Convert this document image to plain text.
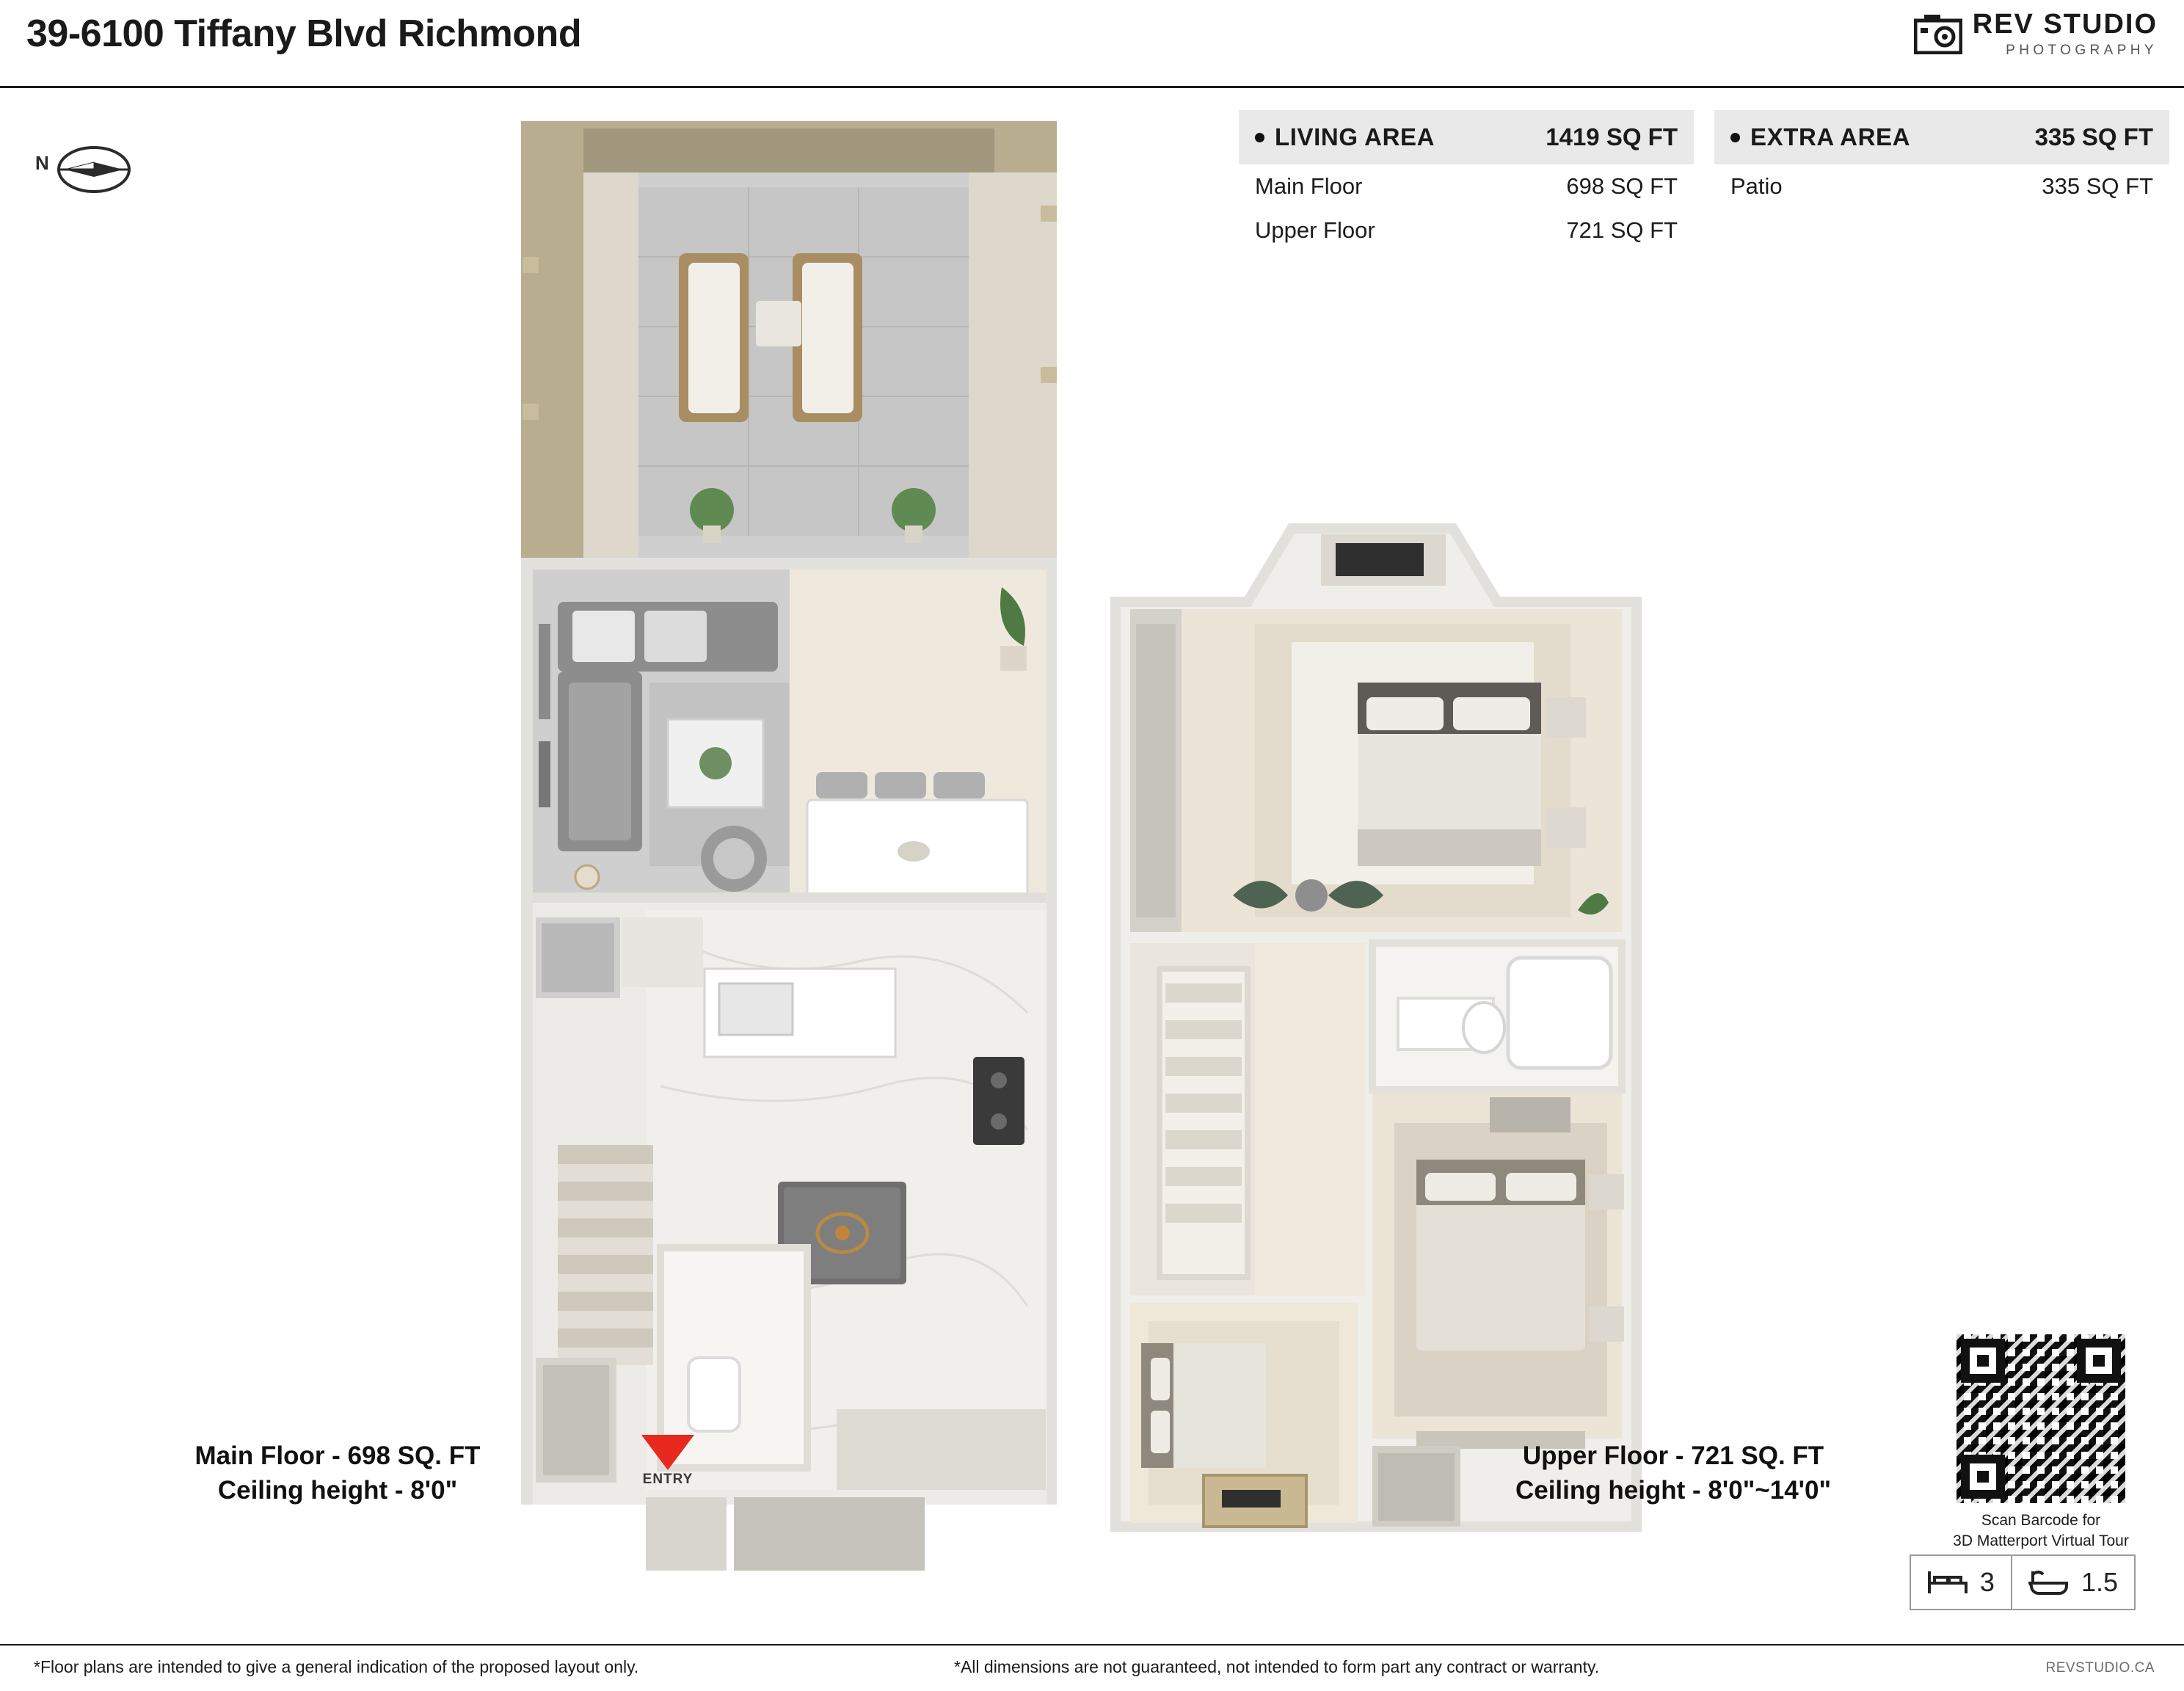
39-6100 Tiffany Blvd Richmond	REV STUDIO
PHOTOGRAPHY
N
LIVING AREA	1419 SQ FT
Main Floor	698 SQ FT
Upper Floor	721 SQ FT
EXTRA AREA	335 SQ FT
Patio	335 SQ FT
ENTRY
Main Floor - 698 SQ. FT
Ceiling height - 8'0"
Upper Floor - 721 SQ. FT
Ceiling height - 8'0"~14'0"
Scan Barcode for
3D Matterport Virtual Tour
3	1.5
*Floor plans are intended to give a general indication of the proposed layout only.	*All dimensions are not guaranteed, not intended to form part any contract or warranty.	REVSTUDIO.CA
